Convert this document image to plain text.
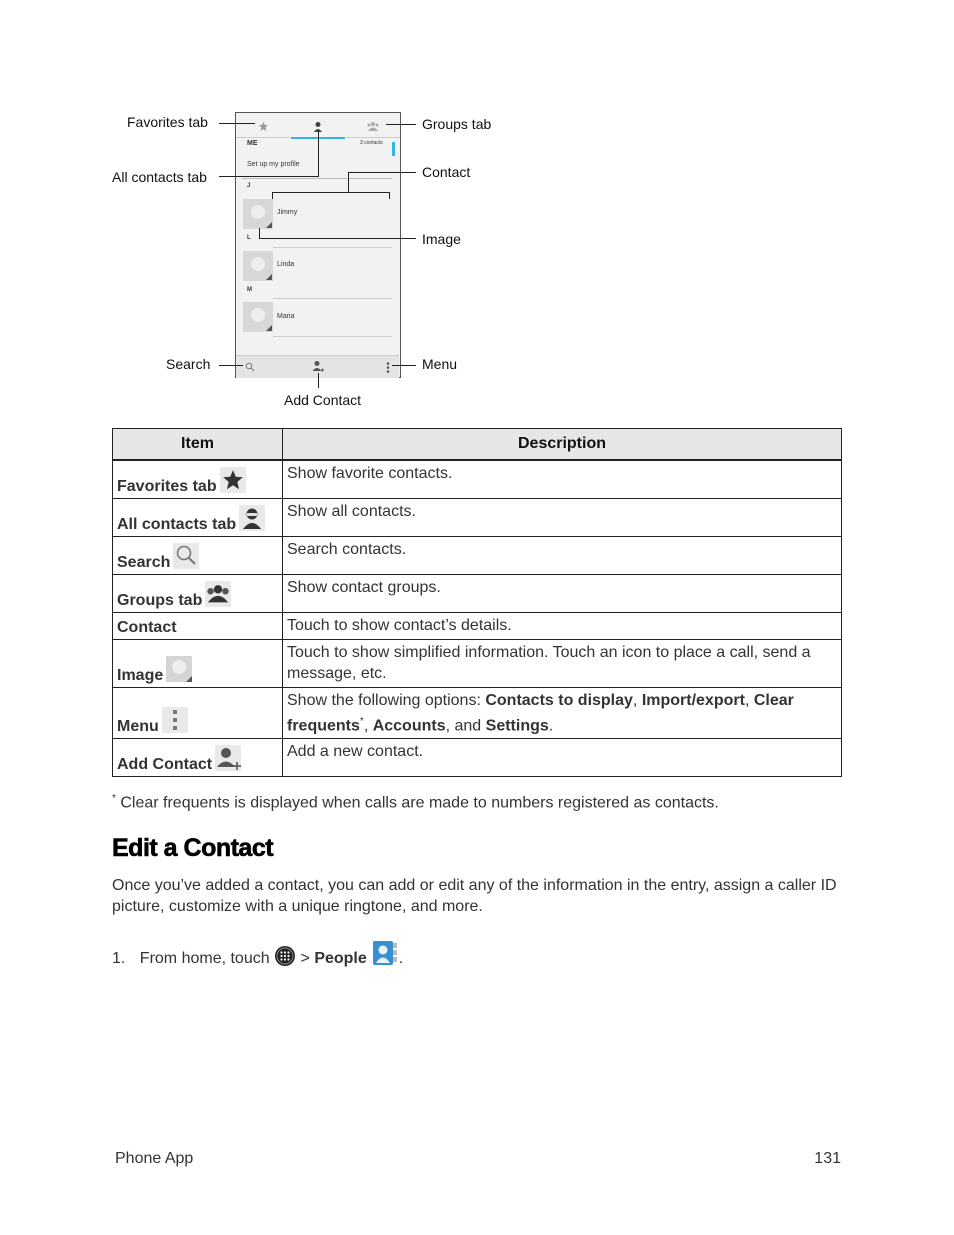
ME	3 contacts
Set up my profile
J
Jimmy
L
Linda
M
Maria
Favorites tab
All contacts tab
Groups tab
Contact
Image
Search	Menu
Add Contact
Item	Description
Favorites tab	Show favorite contacts.
All contacts tab	Show all contacts.
Search	Search contacts.
Groups tab	Show contact groups.
Contact	Touch to show contact’s details.
Image	Touch to show simplified information. Touch an icon to place a call, send a message, etc.
Menu	Show the following options: Contacts to display, Import/export, Clear frequents*, Accounts, and Settings.
Add Contact	Add a new contact.
* Clear frequents is displayed when calls are made to numbers registered as contacts.
Edit a Contact
Once you’ve added a contact, you can add or edit any of the information in the entry, assign a caller ID picture, customize with a unique ringtone, and more.
1. From home, touch  > People .
Phone App	131
